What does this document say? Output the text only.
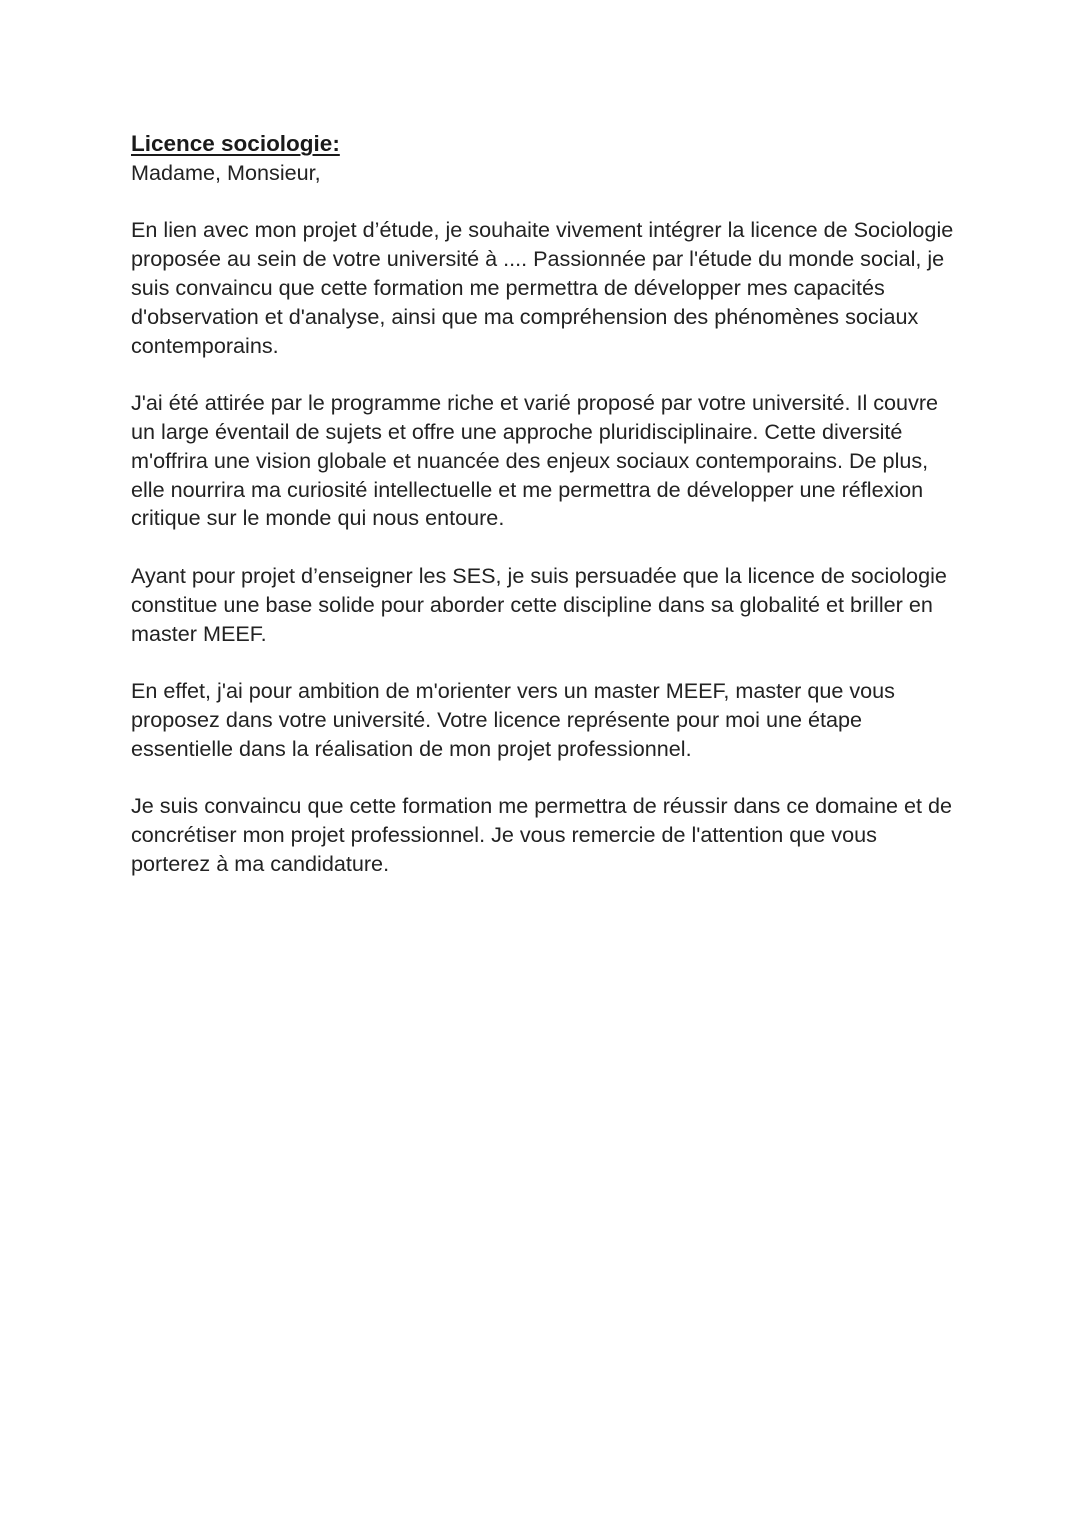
Licence sociologie:

Madame, Monsieur,

En lien avec mon projet d’étude, je souhaite vivement intégrer la licence de Sociologie proposée au sein de votre université à .... Passionnée par l'étude du monde social, je suis convaincu que cette formation me permettra de développer mes capacités d'observation et d'analyse, ainsi que ma compréhension des phénomènes sociaux contemporains.

J'ai été attirée par le programme riche et varié proposé par votre université. Il couvre un large éventail de sujets et offre une approche pluridisciplinaire. Cette diversité m'offrira une vision globale et nuancée des enjeux sociaux contemporains. De plus, elle nourrira ma curiosité intellectuelle et me permettra de développer une réflexion critique sur le monde qui nous entoure.

Ayant pour projet d’enseigner les SES, je suis persuadée que la licence de sociologie constitue une base solide pour aborder cette discipline dans sa globalité et briller en master MEEF.

En effet, j'ai pour ambition de m'orienter vers un master MEEF, master que vous proposez dans votre université. Votre licence représente pour moi une étape essentielle dans la réalisation de mon projet professionnel.

Je suis convaincu que cette formation me permettra de réussir dans ce domaine et de concrétiser mon projet professionnel. Je vous remercie de l'attention que vous porterez à ma candidature.
